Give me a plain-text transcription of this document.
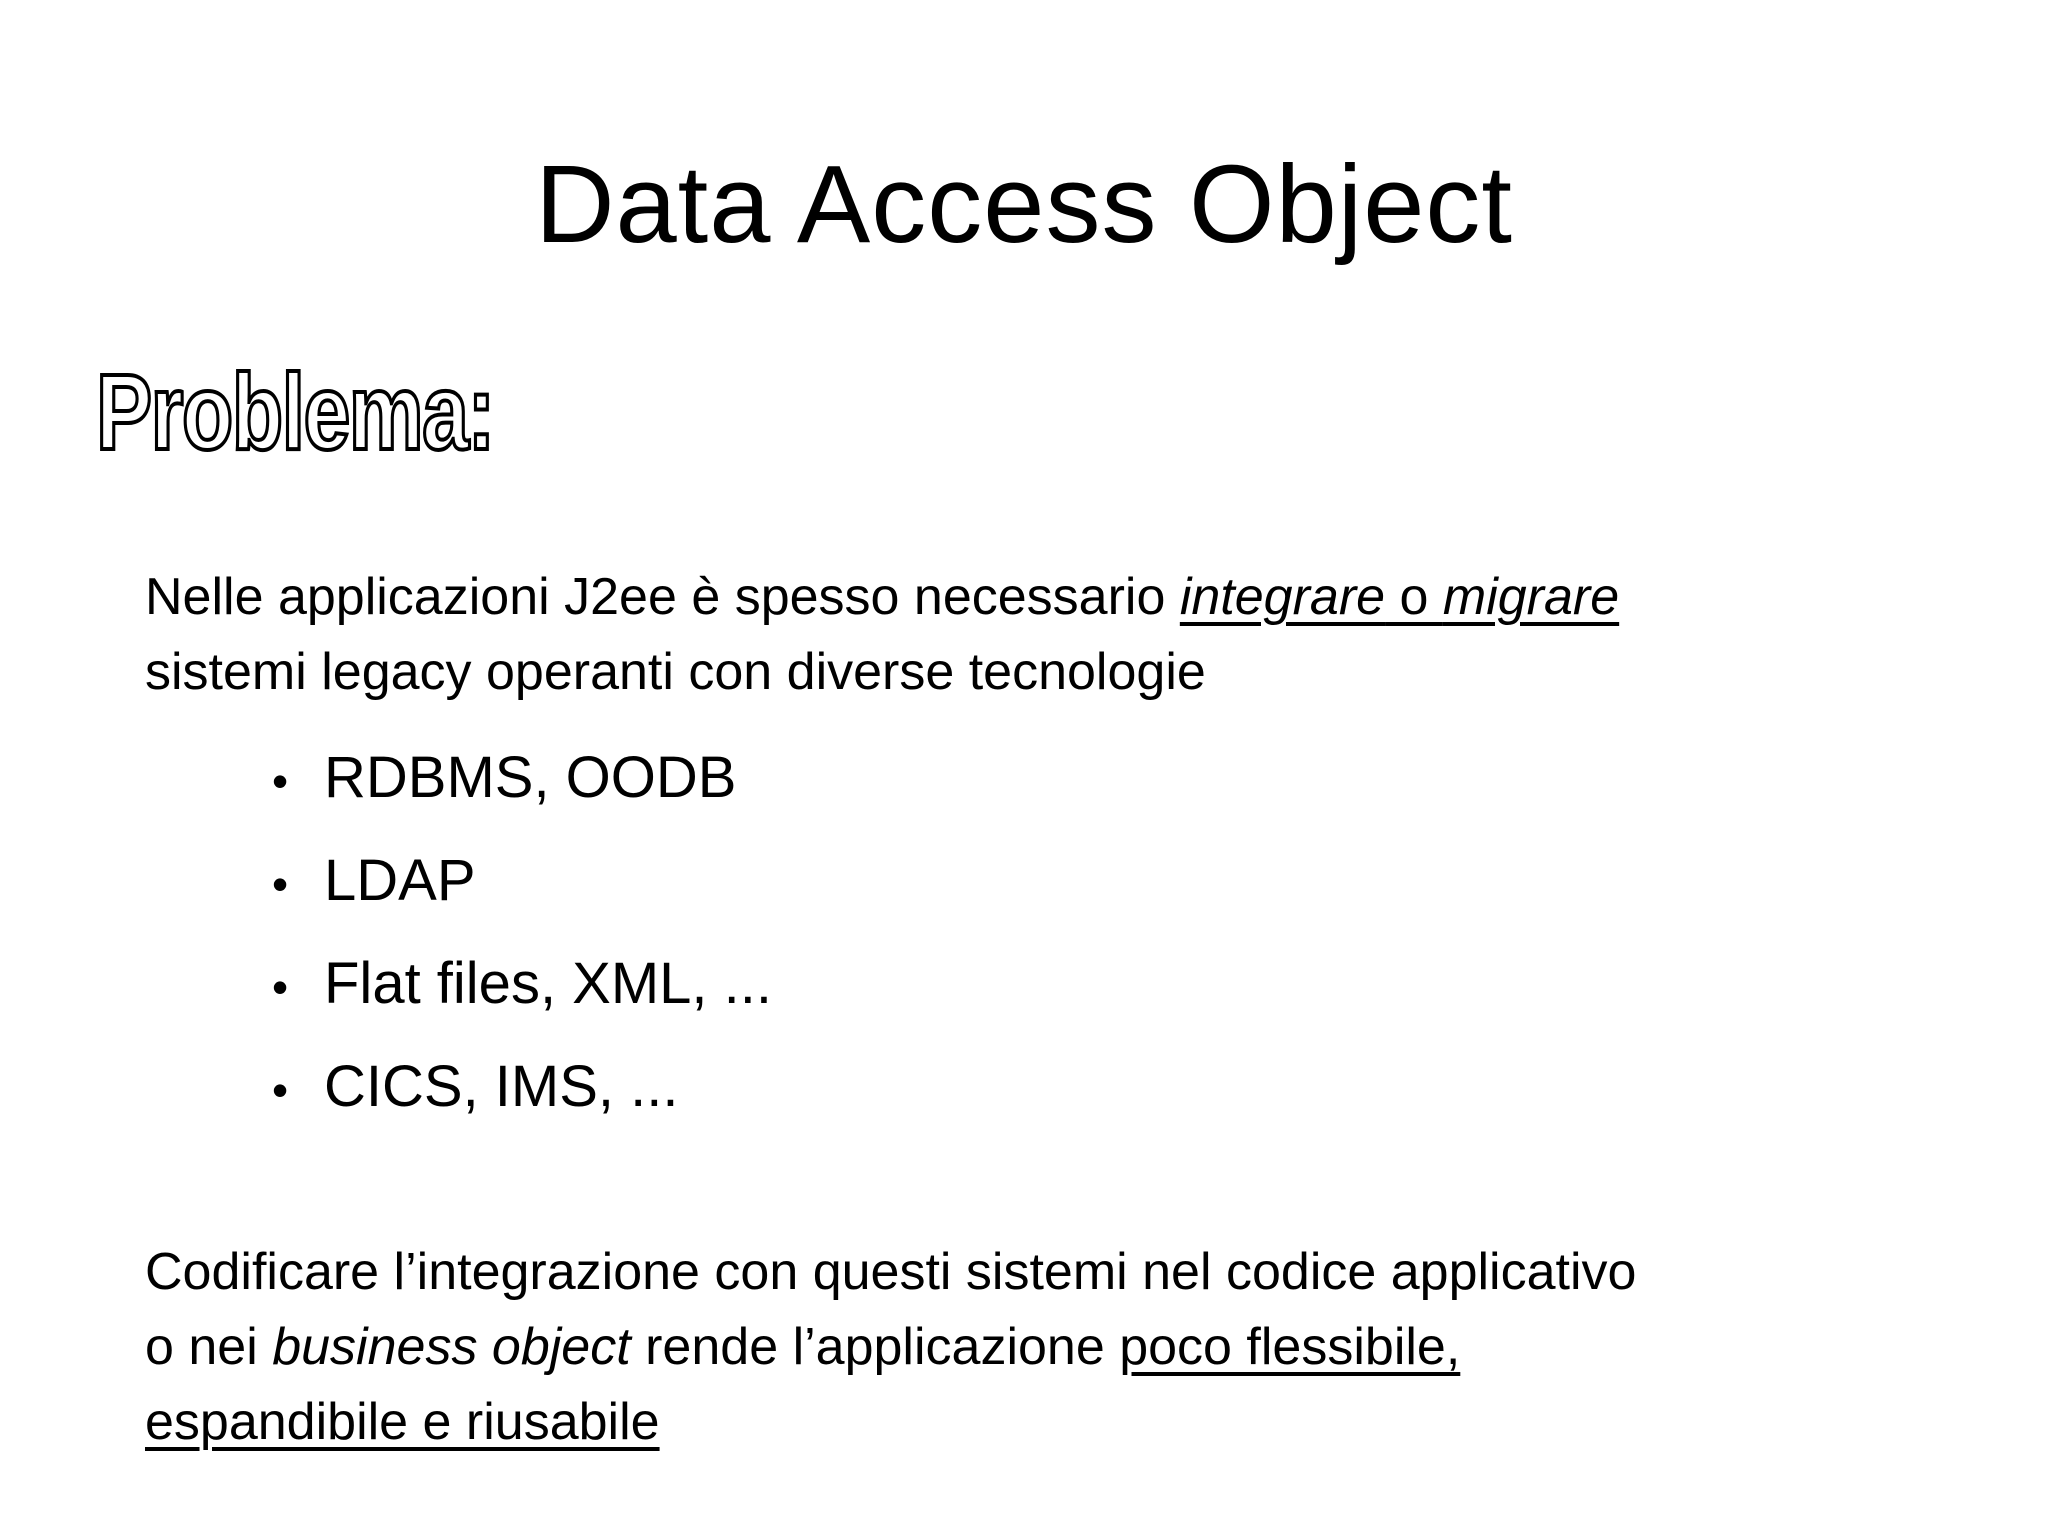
Data Access Object
Problema:
Nelle applicazioni J2ee è spesso necessario integrare o migrare
sistemi legacy operanti con diverse tecnologie
• RDBMS, OODB
• LDAP
• Flat files, XML, ...
• CICS, IMS, ...
Codificare l’integrazione con questi sistemi nel codice applicativo
o nei business object rende l’applicazione poco flessibile,
espandibile e riusabile
